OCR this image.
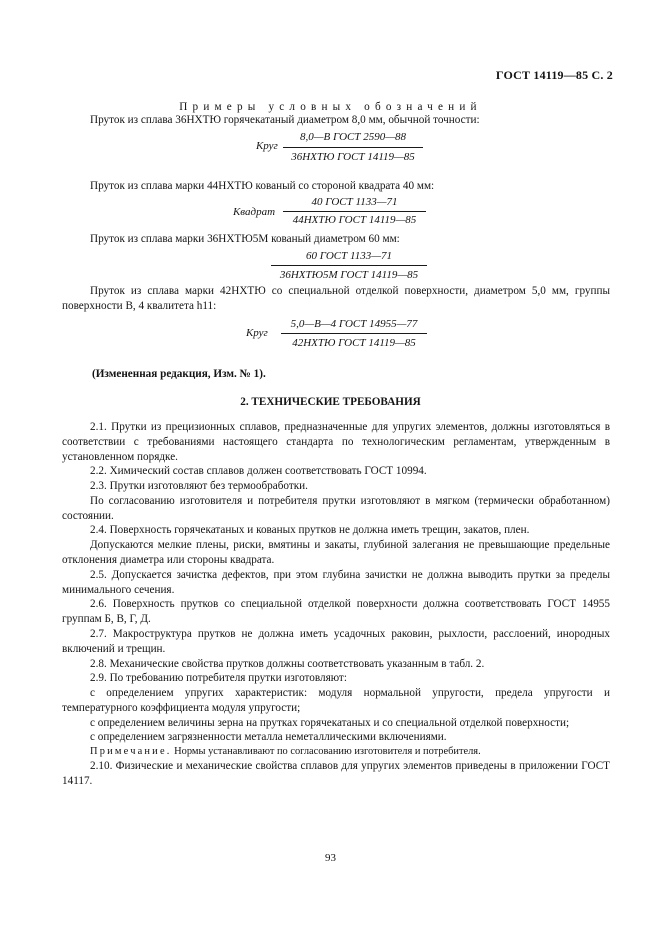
ГОСТ 14119—85 С. 2
Примеры условных обозначений
Пруток из сплава 36НХТЮ горячекатаный диаметром 8,0 мм, обычной точности:
Круг
8,0—В ГОСТ 2590—88
36НХТЮ ГОСТ 14119—85
Пруток из сплава марки 44НХТЮ кованый со стороной квадрата 40 мм:
Квадрат
40 ГОСТ 1133—71
44НХТЮ ГОСТ 14119—85
Пруток из сплава марки 36НХТЮ5М кованый диаметром 60 мм:
60 ГОСТ 1133—71
36НХТЮ5М ГОСТ 14119—85
Пруток из сплава марки 42НХТЮ со специальной отделкой поверхности, диаметром 5,0 мм, группы поверхности В, 4 квалитета h11:
Круг
5,0—В—4 ГОСТ 14955—77
42НХТЮ ГОСТ 14119—85
(Измененная редакция, Изм. № 1).
2. ТЕХНИЧЕСКИЕ ТРЕБОВАНИЯ
2.1. Прутки из прецизионных сплавов, предназначенные для упругих элементов, должны изготовляться в соответствии с требованиями настоящего стандарта по технологическим регламентам, утвержденным в установленном порядке.
2.2. Химический состав сплавов должен соответствовать ГОСТ 10994.
2.3. Прутки изготовляют без термообработки.
По согласованию изготовителя и потребителя прутки изготовляют в мягком (термически обработанном) состоянии.
2.4. Поверхность горячекатаных и кованых прутков не должна иметь трещин, закатов, плен.
Допускаются мелкие плены, риски, вмятины и закаты, глубиной залегания не превышающие предельные отклонения диаметра или стороны квадрата.
2.5. Допускается зачистка дефектов, при этом глубина зачистки не должна выводить прутки за пределы минимального сечения.
2.6. Поверхность прутков со специальной отделкой поверхности должна соответствовать ГОСТ 14955 группам Б, В, Г, Д.
2.7. Макроструктура прутков не должна иметь усадочных раковин, рыхлости, расслоений, инородных включений и трещин.
2.8. Механические свойства прутков должны соответствовать указанным в табл. 2.
2.9. По требованию потребителя прутки изготовляют:
с определением упругих характеристик: модуля нормальной упругости, предела упругости и температурного коэффициента модуля упругости;
с определением величины зерна на прутках горячекатаных и со специальной отделкой поверхности;
с определением загрязненности металла неметаллическими включениями.
Примечание. Нормы устанавливают по согласованию изготовителя и потребителя.
2.10. Физические и механические свойства сплавов для упругих элементов приведены в приложении ГОСТ 14117.
93
